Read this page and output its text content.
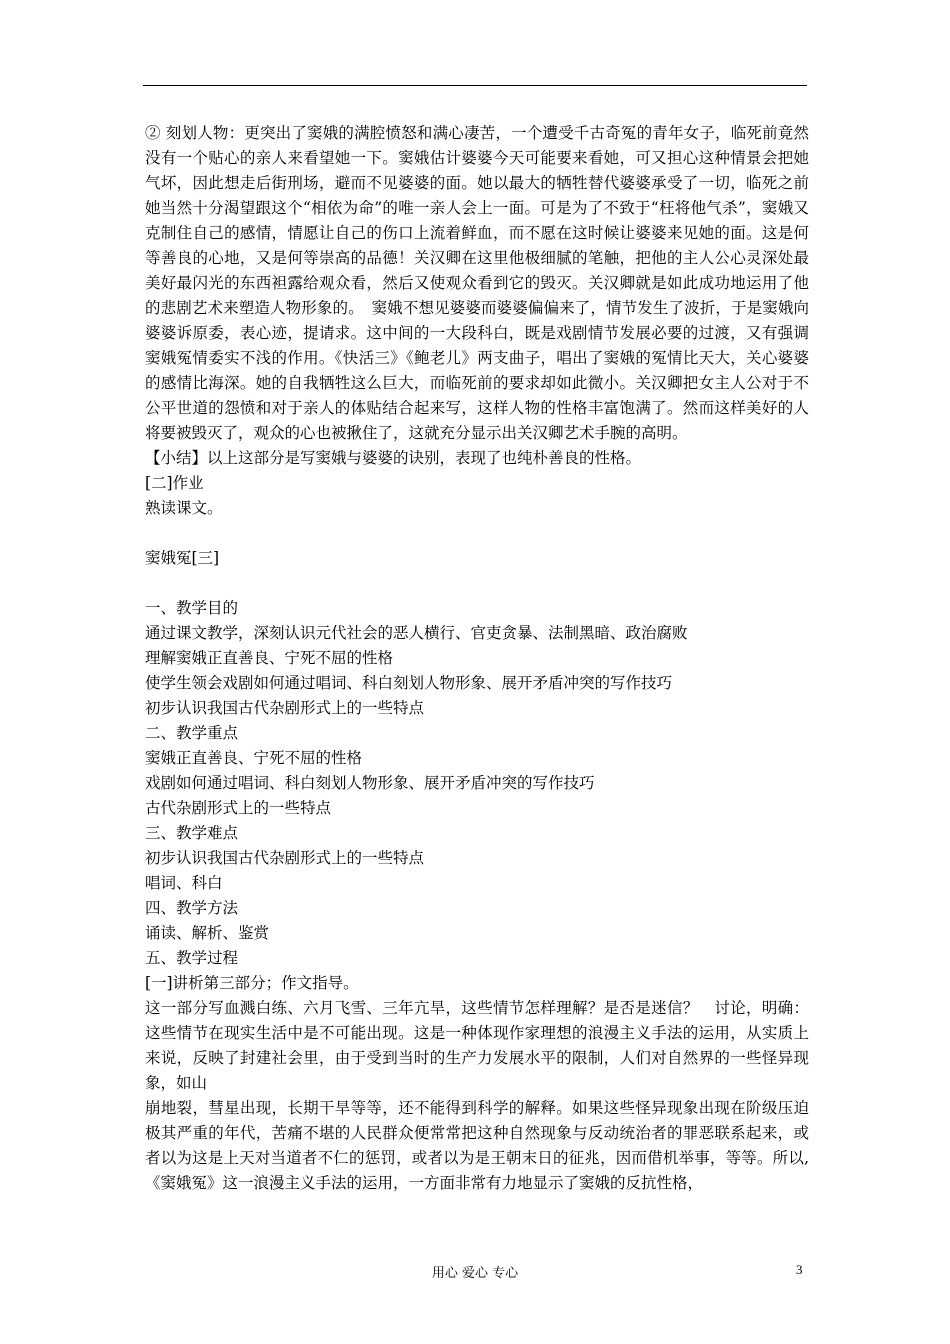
② 刻划人物：更突出了窦娥的满腔愤怒和满心凄苦，一个遭受千古奇冤的青年女子，临死前竟然没有一个贴心的亲人来看望她一下。窦娥估计婆婆今天可能要来看她，可又担心这种情景会把她气坏，因此想走后街刑场，避而不见婆婆的面。她以最大的牺牲替代婆婆承受了一切，临死之前她当然十分渴望跟这个“相依为命”的唯一亲人会上一面。可是为了不致于“枉将他气杀”，窦娥又克制住自己的感情，情愿让自己的伤口上流着鲜血，而不愿在这时候让婆婆来见她的面。这是何等善良的心地，又是何等崇高的品德！关汉卿在这里他极细腻的笔触，把他的主人公心灵深处最美好最闪光的东西袒露给观众看，然后又使观众看到它的毁灭。关汉卿就是如此成功地运用了他的悲剧艺术来塑造人物形象的。　窦娥不想见婆婆而婆婆偏偏来了，情节发生了波折，于是窦娥向婆婆诉原委，表心迹，提请求。这中间的一大段科白，既是戏剧情节发展必要的过渡，又有强调窦娥冤情委实不浅的作用。《快活三》《鲍老儿》两支曲子，唱出了窦娥的冤情比天大，关心婆婆的感情比海深。她的自我牺牲这么巨大，而临死前的要求却如此微小。关汉卿把女主人公对于不公平世道的怨愤和对于亲人的体贴结合起来写，这样人物的性格丰富饱满了。然而这样美好的人将要被毁灭了，观众的心也被揪住了，这就充分显示出关汉卿艺术手腕的高明。

【小结】以上这部分是写窦娥与婆婆的诀别，表现了也纯朴善良的性格。

[二]作业

熟读课文。

窦娥冤[三]

一、教学目的

通过课文教学，深刻认识元代社会的恶人横行、官吏贪暴、法制黑暗、政治腐败

理解窦娥正直善良、宁死不屈的性格

使学生领会戏剧如何通过唱词、科白刻划人物形象、展开矛盾冲突的写作技巧

初步认识我国古代杂剧形式上的一些特点

二、教学重点

窦娥正直善良、宁死不屈的性格

戏剧如何通过唱词、科白刻划人物形象、展开矛盾冲突的写作技巧

古代杂剧形式上的一些特点

三、教学难点

初步认识我国古代杂剧形式上的一些特点

唱词、科白

四、教学方法

诵读、解析、鉴赏

五、教学过程

[一]讲析第三部分；作文指导。

这一部分写血溅白练、六月飞雪、三年亢旱，这些情节怎样理解？是否是迷信？　讨论，明确：这些情节在现实生活中是不可能出现。这是一种体现作家理想的浪漫主义手法的运用，从实质上来说，反映了封建社会里，由于受到当时的生产力发展水平的限制，人们对自然界的一些怪异现象，如山

崩地裂，彗星出现，长期干旱等等，还不能得到科学的解释。如果这些怪异现象出现在阶级压迫极其严重的年代，苦痛不堪的人民群众便常常把这种自然现象与反动统治者的罪恶联系起来，或者以为这是上天对当道者不仁的惩罚，或者以为是王朝末日的征兆，因而借机举事，等等。所以,《窦娥冤》这一浪漫主义手法的运用，一方面非常有力地显示了窦娥的反抗性格，

用心 爱心 专心	3
